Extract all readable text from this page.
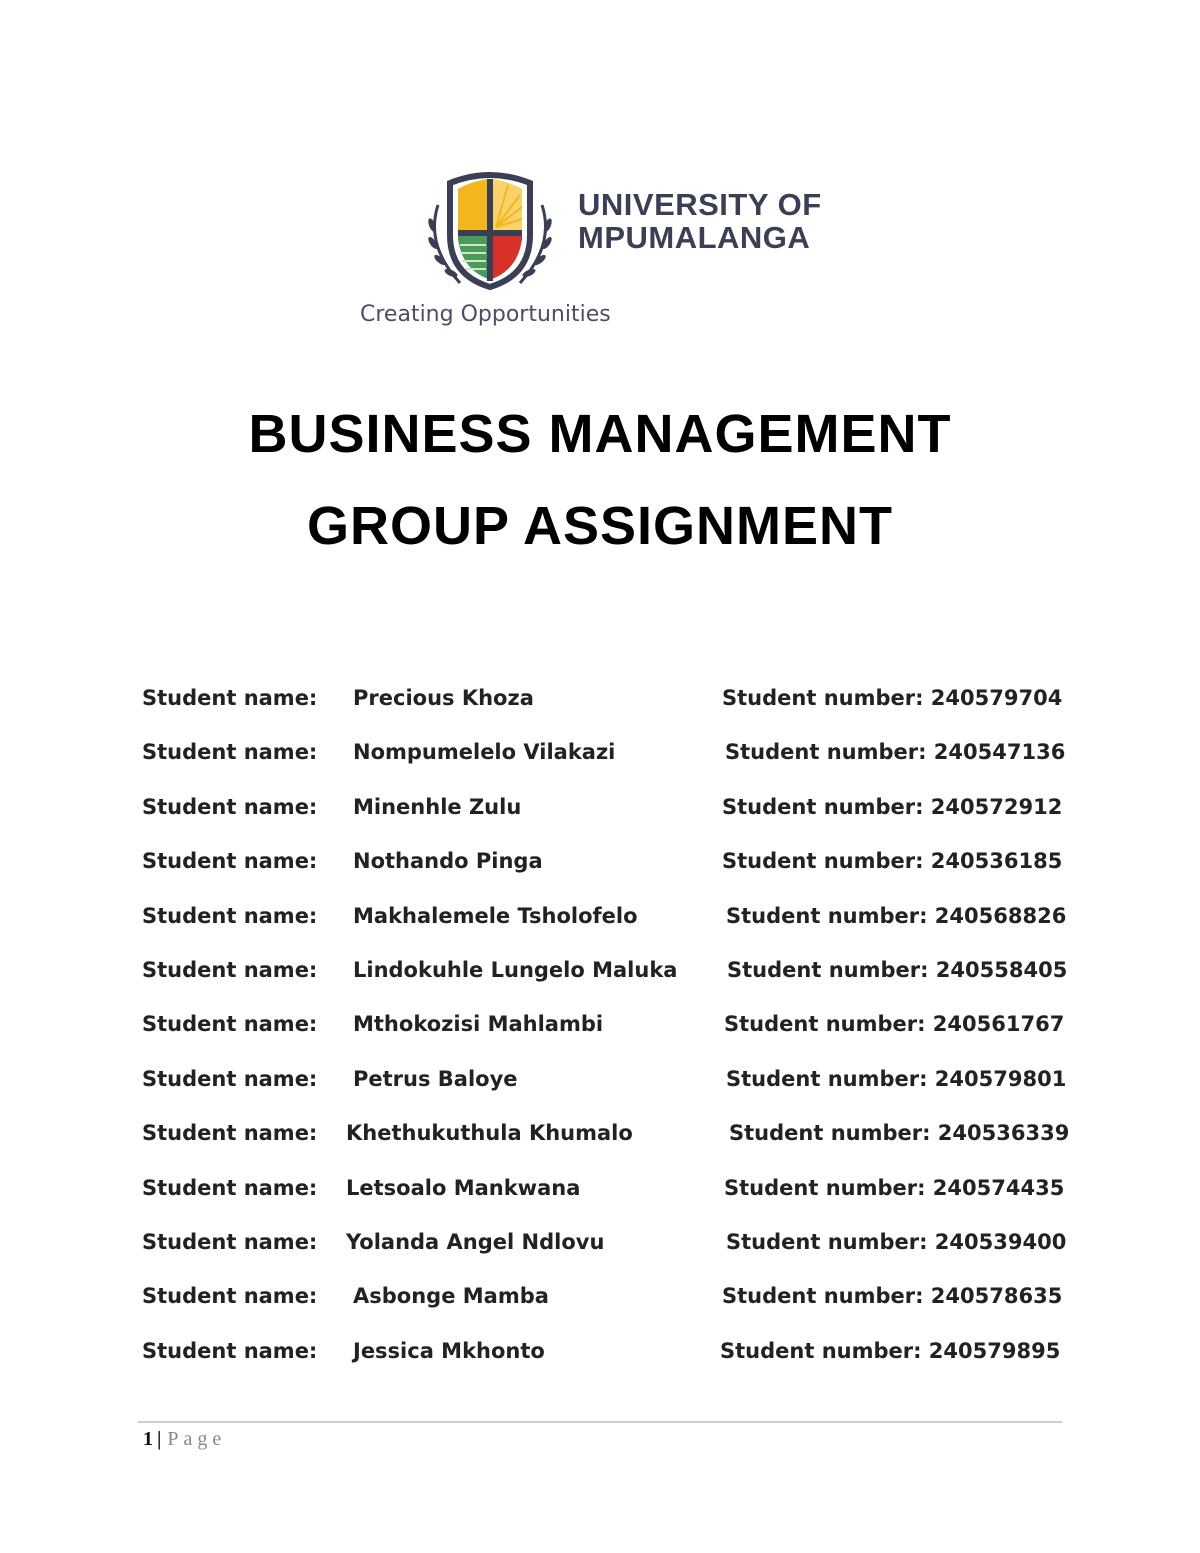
UNIVERSITY OF
MPUMALANGA
Creating Opportunities
BUSINESS MANAGEMENT
GROUP ASSIGNMENT
Student name: Precious Khoza	Student number: 240579704
Student name: Nompumelelo Vilakazi	Student number: 240547136
Student name: Minenhle Zulu	Student number: 240572912
Student name: Nothando Pinga	Student number: 240536185
Student name: Makhalemele Tsholofelo	Student number: 240568826
Student name: Lindokuhle Lungelo Maluka Student number: 240558405
Student name: Mthokozisi Mahlambi	Student number: 240561767
Student name: Petrus Baloye	Student number: 240579801
Student name: Khethukuthula Khumalo	Student number: 240536339
Student name: Letsoalo Mankwana	Student number: 240574435
Student name: Yolanda Angel Ndlovu	Student number: 240539400
Student name: Asbonge Mamba	Student number: 240578635
Student name: Jessica Mkhonto	Student number: 240579895
1 | Page
